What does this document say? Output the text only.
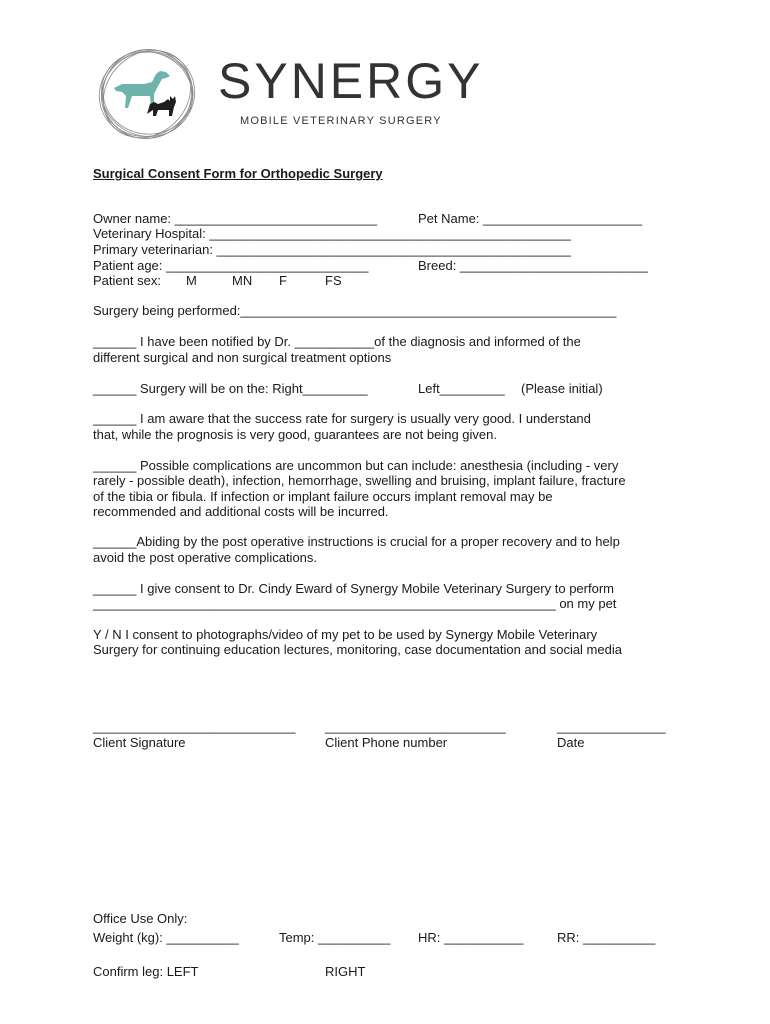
SYNERGY
MOBILE VETERINARY SURGERY
Surgical Consent Form for Orthopedic Surgery
Owner name: ____________________________	Pet Name: ______________________
Veterinary Hospital: __________________________________________________
Primary veterinarian: _________________________________________________
Patient age: ____________________________	Breed: __________________________
Patient sex: M	MN F	FS
Surgery being performed:____________________________________________________
______ I have been notified by Dr. ___________of the diagnosis and informed of the
different surgical and non surgical treatment options
______ Surgery will be on the: Right_________	Left_________ (Please initial)
______ I am aware that the success rate for surgery is usually very good. I understand
that, while the prognosis is very good, guarantees are not being given.
______ Possible complications are uncommon but can include: anesthesia (including - very
rarely - possible death), infection, hemorrhage, swelling and bruising, implant failure, fracture
of the tibia or fibula. If infection or implant failure occurs implant removal may be
recommended and additional costs will be incurred.
______Abiding by the post operative instructions is crucial for a proper recovery and to help
avoid the post operative complications.
______ I give consent to Dr. Cindy Eward of Synergy Mobile Veterinary Surgery to perform
________________________________________________________________ on my pet
Y / N I consent to photographs/video of my pet to be used by Synergy Mobile Veterinary
Surgery for continuing education lectures, monitoring, case documentation and social media
____________________________ _________________________	_______________
Client Signature	Client Phone number	Date
Office Use Only:
Weight (kg): __________	Temp: __________ HR: ___________	RR: __________
Confirm leg: LEFT	RIGHT
